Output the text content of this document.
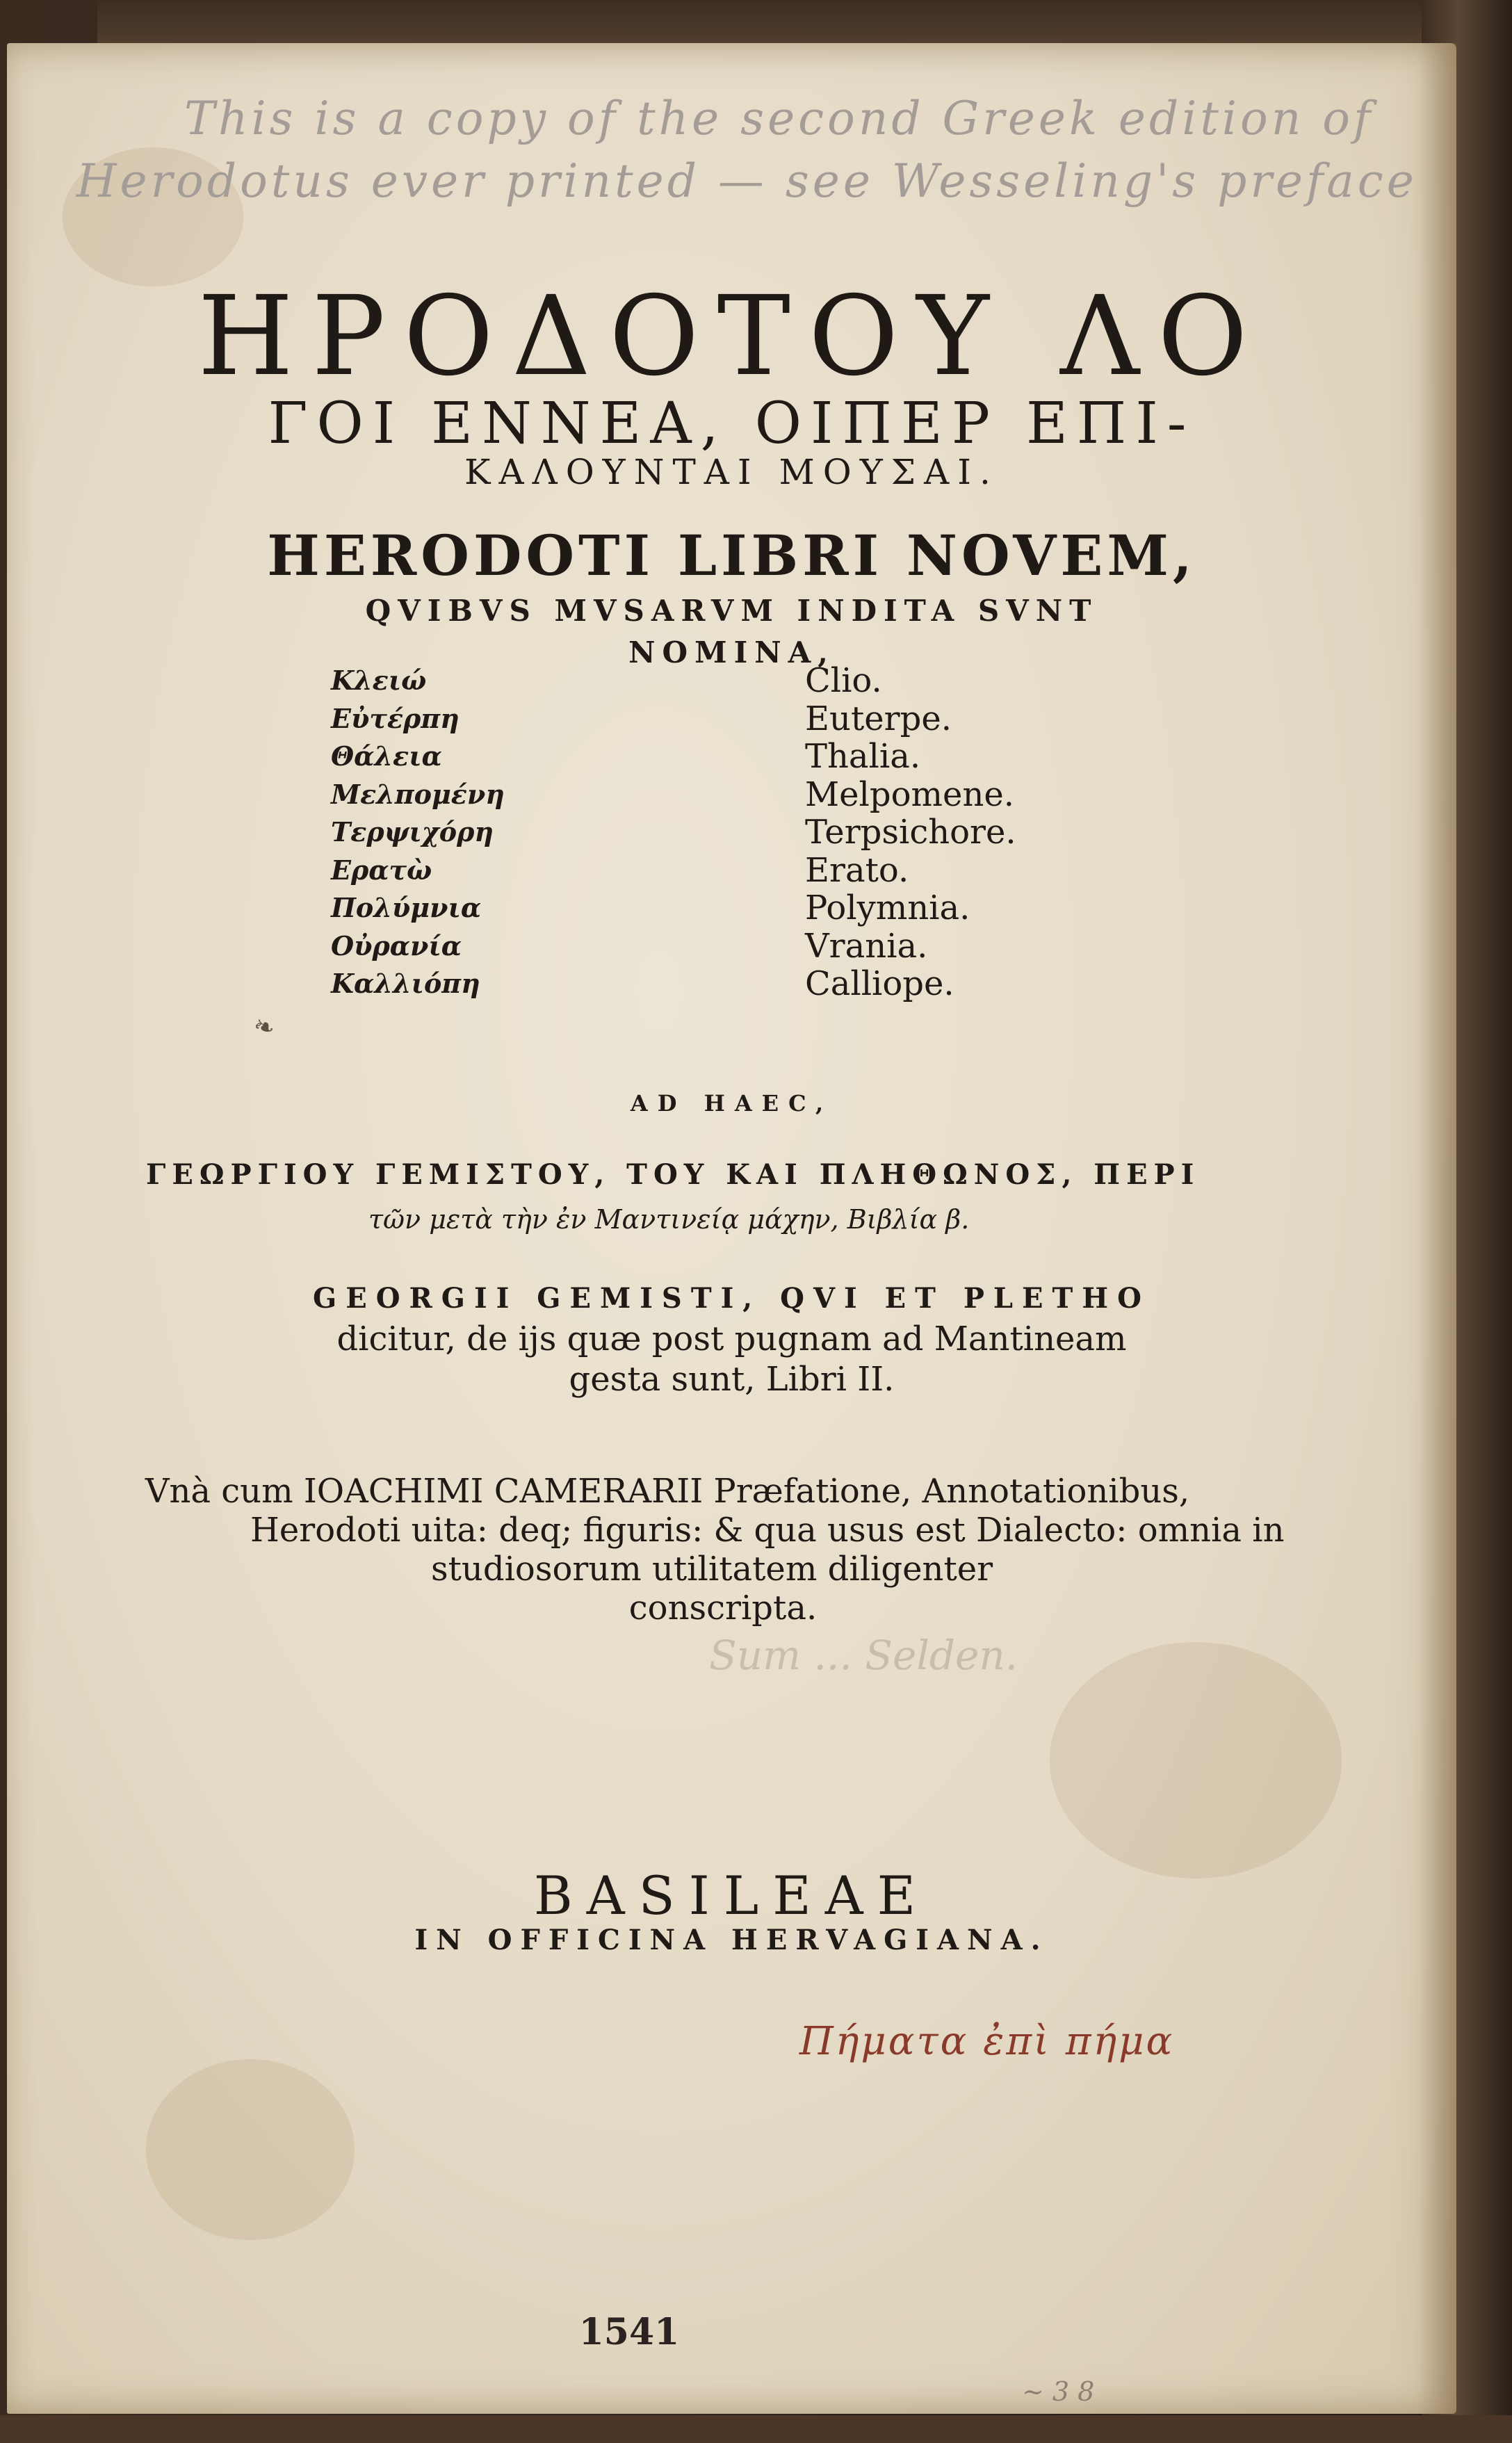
This is a copy of the second Greek edition of
Herodotus ever printed — see Wesseling's preface
ΗΡΟΔΟΤΟΥ ΛΟ
ΓΟΙ ΕΝΝΕΑ, ΟΙΠΕΡ ΕΠΙ-
ΚΑΛΟΥΝΤΑΙ ΜΟΥΣΑΙ.
HERODOTI LIBRI NOVEM,
QVIBVS MVSARVM INDITA SVNT
NOMINA,
Κλειώ
Εὐτέρπη
Θάλεια
Μελπομένη
Τερψιχόρη
Ερατὼ
Πολύμνια
Οὐρανία
Καλλιόπη
Clio.
Euterpe.
Thalia.
Melpomene.
Terpsichore.
Erato.
Polymnia.
Vrania.
Calliope.
❧
AD HAEC,
ΓΕΩΡΓΙΟΥ ΓΕΜΙΣΤΟΥ, ΤΟΥ ΚΑΙ ΠΛΗΘΩΝΟΣ, ΠΕΡΙ
τῶν μετὰ τὴν ἐν Μαντινείᾳ μάχην, Βιβλία β.
GEORGII GEMISTI, QVI ET PLETHO
dicitur, de ijs quæ post pugnam ad Mantineam
gesta sunt, Libri II.
Vnà cum IOACHIMI CAMERARII Præfatione, Annotationibus,
Herodoti uita: deq; figuris: & qua usus est Dialecto: omnia in
studiosorum utilitatem diligenter
conscripta.
Sum ... Selden.
BASILEAE
IN OFFICINA HERVAGIANA.
Πήματα ἐπὶ πήμα
1541
~ 3 8
